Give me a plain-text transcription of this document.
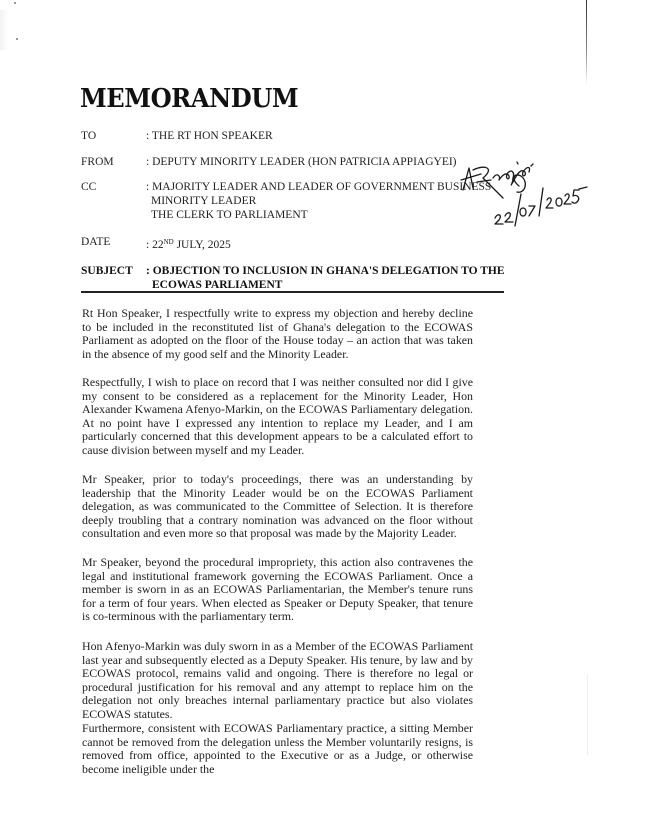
MEMORANDUM
TO	: THE RT HON SPEAKER
FROM	: DEPUTY MINORITY LEADER (HON PATRICIA APPIAGYEI)
CC	: MAJORITY LEADER AND LEADER OF GOVERNMENT BUSINESS
MINORITY LEADER
THE CLERK TO PARLIAMENT
DATE	: 22ND JULY, 2025
SUBJECT : OBJECTION TO INCLUSION IN GHANA'S DELEGATION TO THE
ECOWAS PARLIAMENT

Rt Hon Speaker, I respectfully write to express my objection and hereby decline to be included in the reconstituted list of Ghana's delegation to the ECOWAS Parliament as adopted on the floor of the House today – an action that was taken in the absence of my good self and the Minority Leader.

Respectfully, I wish to place on record that I was neither consulted nor did I give my consent to be considered as a replacement for the Minority Leader, Hon Alexander Kwamena Afenyo-Markin, on the ECOWAS Parliamentary delegation. At no point have I expressed any intention to replace my Leader, and I am particularly concerned that this development appears to be a calculated effort to cause division between myself and my Leader.

Mr Speaker, prior to today's proceedings, there was an understanding by leadership that the Minority Leader would be on the ECOWAS Parliament delegation, as was communicated to the Committee of Selection. It is therefore deeply troubling that a contrary nomination was advanced on the floor without consultation and even more so that proposal was made by the Majority Leader.

Mr Speaker, beyond the procedural impropriety, this action also contravenes the legal and institutional framework governing the ECOWAS Parliament. Once a member is sworn in as an ECOWAS Parliamentarian, the Member's tenure runs for a term of four years. When elected as Speaker or Deputy Speaker, that tenure is co-terminous with the parliamentary term.

Hon Afenyo-Markin was duly sworn in as a Member of the ECOWAS Parliament last year and subsequently elected as a Deputy Speaker. His tenure, by law and by ECOWAS protocol, remains valid and ongoing. There is therefore no legal or procedural justification for his removal and any attempt to replace him on the delegation not only breaches internal parliamentary practice but also violates ECOWAS statutes.

Furthermore, consistent with ECOWAS Parliamentary practice, a sitting Member cannot be removed from the delegation unless the Member voluntarily resigns, is removed from office, appointed to the Executive or as a Judge, or otherwise become ineligible under the
